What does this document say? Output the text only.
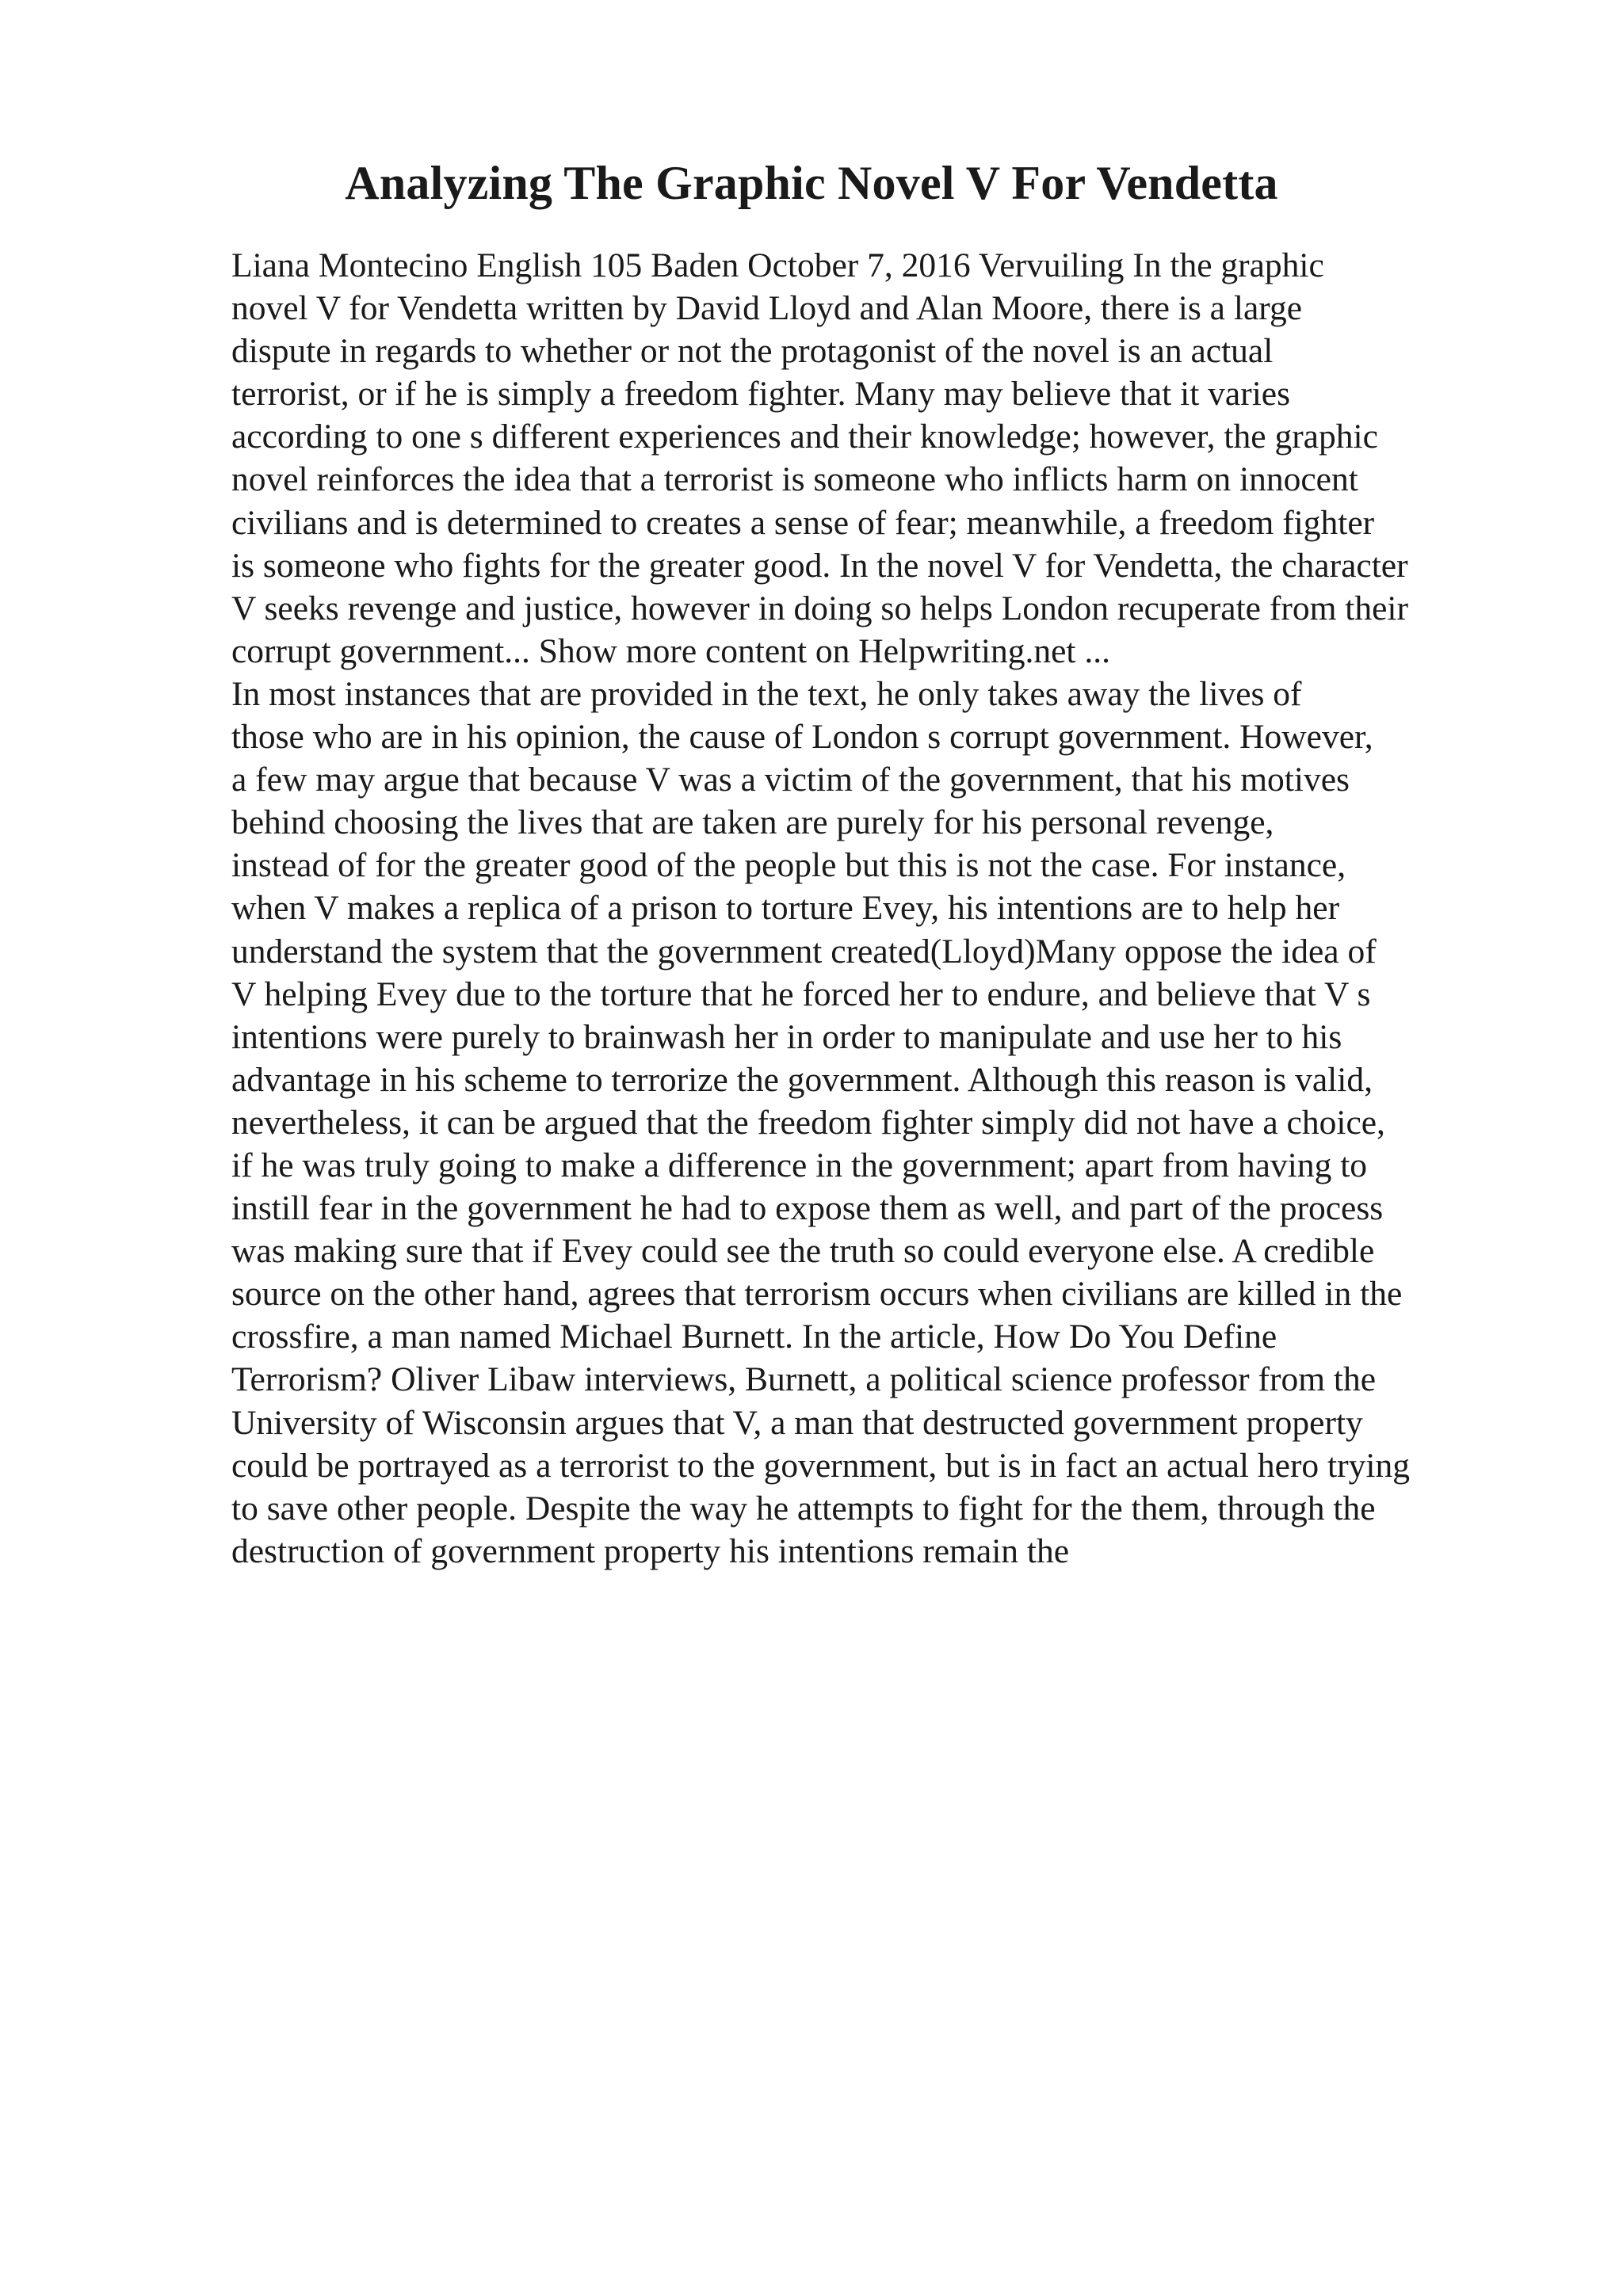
Analyzing The Graphic Novel V For Vendetta
Liana Montecino English 105 Baden October 7, 2016 Vervuiling In the graphic
novel V for Vendetta written by David Lloyd and Alan Moore, there is a large
dispute in regards to whether or not the protagonist of the novel is an actual
terrorist, or if he is simply a freedom fighter. Many may believe that it varies
according to one s different experiences and their knowledge; however, the graphic
novel reinforces the idea that a terrorist is someone who inflicts harm on innocent
civilians and is determined to creates a sense of fear; meanwhile, a freedom fighter
is someone who fights for the greater good. In the novel V for Vendetta, the character
V seeks revenge and justice, however in doing so helps London recuperate from their
corrupt government... Show more content on Helpwriting.net ...
In most instances that are provided in the text, he only takes away the lives of
those who are in his opinion, the cause of London s corrupt government. However,
a few may argue that because V was a victim of the government, that his motives
behind choosing the lives that are taken are purely for his personal revenge,
instead of for the greater good of the people but this is not the case. For instance,
when V makes a replica of a prison to torture Evey, his intentions are to help her
understand the system that the government created(Lloyd)Many oppose the idea of
V helping Evey due to the torture that he forced her to endure, and believe that V s
intentions were purely to brainwash her in order to manipulate and use her to his
advantage in his scheme to terrorize the government. Although this reason is valid,
nevertheless, it can be argued that the freedom fighter simply did not have a choice,
if he was truly going to make a difference in the government; apart from having to
instill fear in the government he had to expose them as well, and part of the process
was making sure that if Evey could see the truth so could everyone else. A credible
source on the other hand, agrees that terrorism occurs when civilians are killed in the
crossfire, a man named Michael Burnett. In the article, How Do You Define
Terrorism? Oliver Libaw interviews, Burnett, a political science professor from the
University of Wisconsin argues that V, a man that destructed government property
could be portrayed as a terrorist to the government, but is in fact an actual hero trying
to save other people. Despite the way he attempts to fight for the them, through the
destruction of government property his intentions remain the
